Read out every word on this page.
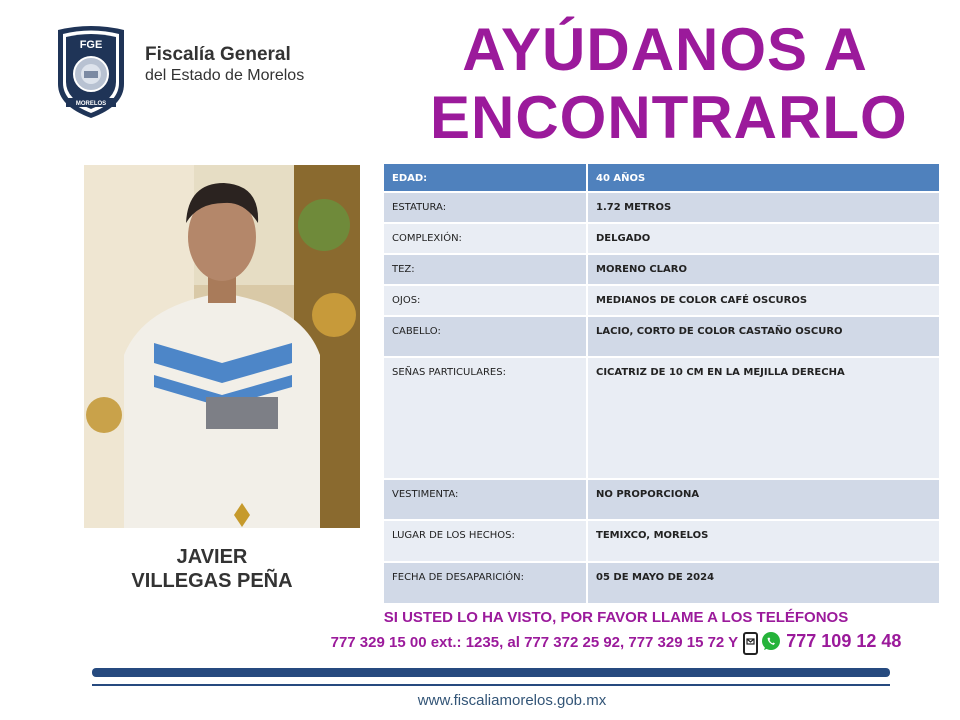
FGE
MORELOS
Fiscalía General
del Estado de Morelos	AYÚDANOS A
ENCONTRARLO
JAVIER
VILLEGAS PEÑA
EDAD:	40 AÑOS

ESTATURA:	1.72 METROS

COMPLEXIÓN:	DELGADO

TEZ:	MORENO CLARO

OJOS:	MEDIANOS DE COLOR CAFÉ OSCUROS

CABELLO:	LACIO, CORTO DE COLOR CASTAÑO OSCURO

SEÑAS PARTICULARES:	CICATRIZ DE 10 CM EN LA MEJILLA DERECHA

VESTIMENTA:	NO PROPORCIONA

LUGAR DE LOS HECHOS:	TEMIXCO, MORELOS

FECHA DE DESAPARICIÓN:	05 DE MAYO DE 2024
SI USTED LO HA VISTO, POR FAVOR LLAME A LOS TELÉFONOS
777 329 15 00 ext.: 1235, al 777 372 25 92, 777 329 15 72 Y	777 109 12 48
www.fiscaliamorelos.gob.mx
